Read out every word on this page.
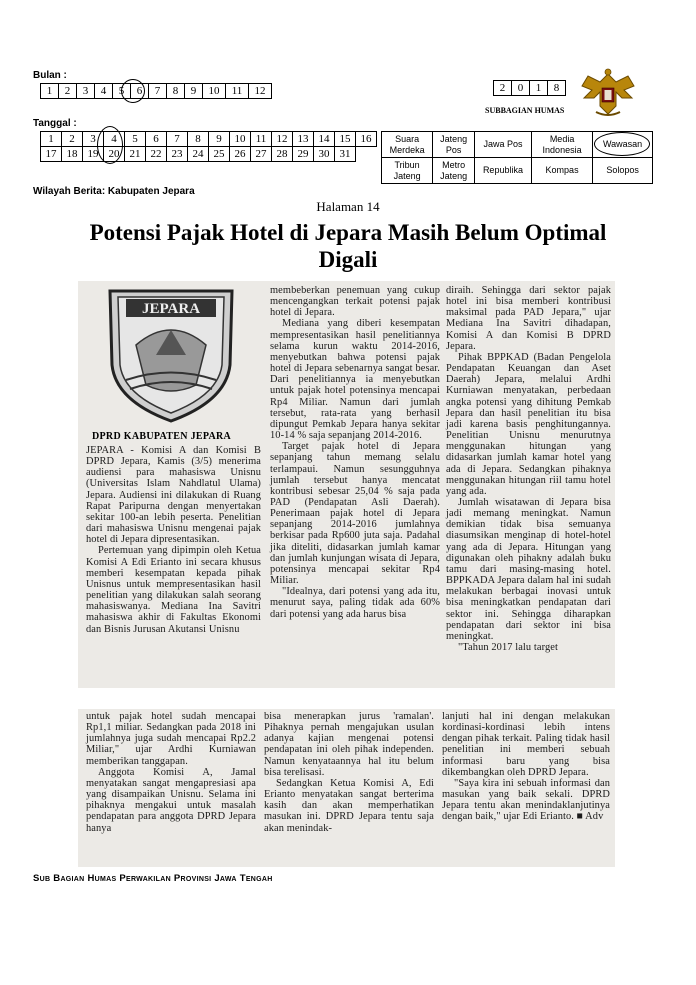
Bulan :
1	2	3	4	5	6	7	8	9	10	11	12
Tanggal :
1	2	3	4	5	6	7	8	9	10	11	12	13	14	15	16
17	18	19	20	21	22	23	24	25	26	27	28	29	30	31	
Wilayah Berita: Kabupaten Jepara
2	0	1	8
SUBBAGIAN HUMAS
Suara Merdeka	Jateng Pos	Jawa Pos	Media Indonesia	Wawasan
Tribun Jateng	Metro Jateng	Republika	Kompas	Solopos
Halaman 14
Potensi Pajak Hotel di Jepara Masih Belum Optimal Digali
JEPARA
DPRD KABUPATEN JEPARA

JEPARA - Komisi A dan Komisi B DPRD Jepara, Kamis (3/5) menerima audiensi para mahasiswa Unisnu (Universitas Islam Nahdlatul Ulama) Jepara. Audiensi ini dilakukan di Ruang Rapat Paripurna dengan menyertakan sekitar 100-an lebih peserta. Penelitian dari mahasiswa Unisnu mengenai pajak hotel di Jepara dipresentasikan.

Pertemuan yang dipimpin oleh Ketua Komisi A Edi Erianto ini secara khusus memberi kesempatan kepada pihak Unisnus untuk mempresentasikan hasil penelitian yang dilakukan salah seorang mahasiswanya. Mediana Ina Savitri mahasiswa akhir di Fakultas Ekonomi dan Bisnis Jurusan Akutansi Unisnu

membeberkan penemuan yang cukup mencengangkan terkait potensi pajak hotel di Jepara.

Mediana yang diberi kesempatan mempresentasikan hasil penelitiannya selama kurun waktu 2014-2016, menyebutkan bahwa potensi pajak hotel di Jepara sebenarnya sangat besar. Dari penelitiannya ia menyebutkan untuk pajak hotel potensinya mencapai Rp4 Miliar. Namun dari jumlah tersebut, rata-rata yang berhasil dipungut Pemkab Jepara hanya sekitar 10-14 % saja sepanjang 2014-2016.

Target pajak hotel di Jepara sepanjang tahun memang selalu terlampaui. Namun sesungguhnya jumlah tersebut hanya mencatat kontribusi sebesar 25,04 % saja pada PAD (Pendapatan Asli Daerah). Penerimaan pajak hotel di Jepara sepanjang 2014-2016 jumlahnya berkisar pada Rp600 juta saja. Padahal jika diteliti, didasarkan jumlah kamar dan jumlah kunjungan wisata di Jepara, potensinya mencapai sekitar Rp4 Miliar.

"Idealnya, dari potensi yang ada itu, menurut saya, paling tidak ada 60% dari potensi yang ada harus bisa

diraih. Sehingga dari sektor pajak hotel ini bisa memberi kontribusi maksimal pada PAD Jepara," ujar Mediana Ina Savitri dihadapan, Komisi A dan Komisi B DPRD Jepara.

Pihak BPPKAD (Badan Pengelola Pendapatan Keuangan dan Aset Daerah) Jepara, melalui Ardhi Kurniawan menyatakan, perbedaan angka potensi yang dihitung Pemkab Jepara dan hasil penelitian itu bisa jadi karena basis penghitungannya. Penelitian Unisnu menurutnya menggunakan hitungan yang didasarkan jumlah kamar hotel yang ada di Jepara. Sedangkan pihaknya menggunakan hitungan riil tamu hotel yang ada.

Jumlah wisatawan di Jepara bisa jadi memang meningkat. Namun demikian tidak bisa semuanya diasumsikan menginap di hotel-hotel yang ada di Jepara. Hitungan yang digunakan oleh pihakny adalah buku tamu dari masing-masing hotel. BPPKADA Jepara dalam hal ini sudah melakukan berbagai inovasi untuk bisa meningkatkan pendapatan dari sektor ini. Sehingga diharapkan pendapatan dari sektor ini bisa meningkat.

"Tahun 2017 lalu target

untuk pajak hotel sudah mencapai Rp1,1 miliar. Sedangkan pada 2018 ini jumlahnya juga sudah mencapai Rp2.2 Miliar," ujar Ardhi Kurniawan memberikan tanggapan.

Anggota Komisi A, Jamal menyatakan sangat mengapresiasi apa yang disampaikan Unisnu. Selama ini pihaknya mengakui untuk masalah pendapatan para anggota DPRD Jepara hanya

bisa menerapkan jurus 'ramalan'. Pihaknya pernah mengajukan usulan adanya kajian mengenai potensi pendapatan ini oleh pihak independen. Namun kenyataannya hal itu belum bisa terelisasi.

Sedangkan Ketua Komisi A, Edi Erianto menyatakan sangat berterima kasih dan akan memperhatikan masukan ini. DPRD Jepara tentu saja akan menindak-

lanjuti hal ini dengan melakukan kordinasi-kordinasi lebih intens dengan pihak terkait. Paling tidak hasil penelitian ini memberi sebuah informasi baru yang bisa dikembangkan oleh DPRD Jepara.

"Saya kira ini sebuah informasi dan masukan yang baik sekali. DPRD Jepara tentu akan menindaklanjutinya dengan baik," ujar Edi Erianto. ■ Adv

Sub Bagian Humas Perwakilan Provinsi Jawa Tengah
